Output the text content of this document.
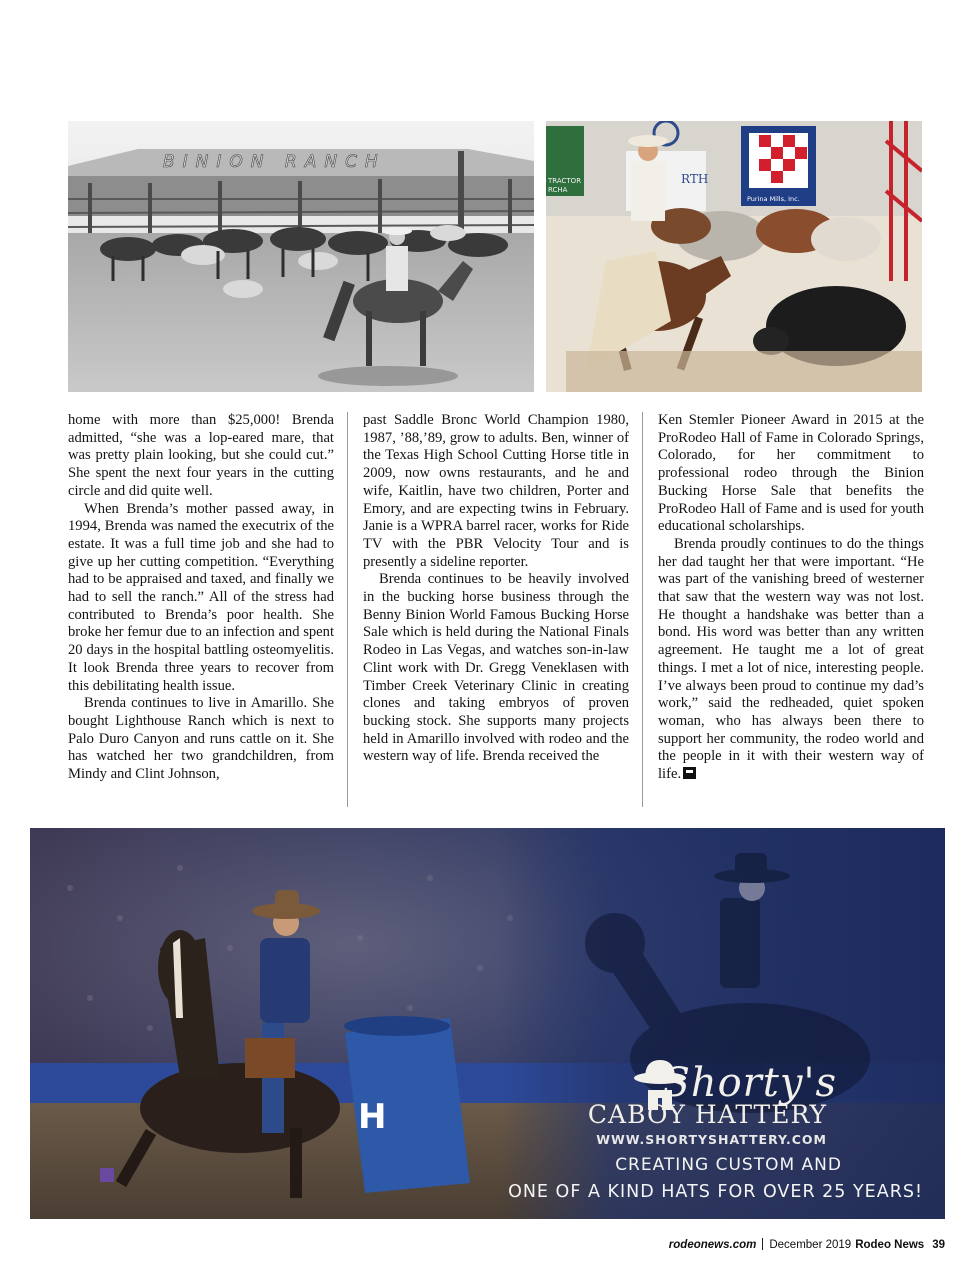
BINION RANCH
TRACTOR
RCHA
RTH
Purina Mills, Inc.

home with more than $25,000! Brenda admitted, “she was a lop-eared mare, that was pretty plain looking, but she could cut.” She spent the next four years in the cutting circle and did quite well.

When Brenda’s mother passed away, in 1994, Brenda was named the executrix of the estate. It was a full time job and she had to give up her cutting competition. “Everything had to be appraised and taxed, and finally we had to sell the ranch.” All of the stress had contributed to Brenda’s poor health. She broke her femur due to an infection and spent 20 days in the hospital battling osteomyelitis. It look Brenda three years to recover from this debilitating health issue.

Brenda continues to live in Amarillo. She bought Lighthouse Ranch which is next to Palo Duro Canyon and runs cattle on it. She has watched her two grandchildren, from Mindy and Clint Johnson,

past Saddle Bronc World Champion 1980, 1987, ’88,’89, grow to adults. Ben, winner of the Texas High School Cutting Horse title in 2009, now owns restaurants, and he and wife, Kaitlin, have two children, Porter and Emory, and are expecting twins in February. Janie is a WPRA barrel racer, works for Ride TV with the PBR Velocity Tour and is presently a sideline reporter.

Brenda continues to be heavily involved in the bucking horse business through the Benny Binion World Famous Bucking Horse Sale which is held during the National Finals Rodeo in Las Vegas, and watches son-in-law Clint work with Dr. Gregg Veneklasen with Timber Creek Veterinary Clinic in creating clones and taking embryos of proven bucking stock. She supports many projects held in Amarillo involved with rodeo and the western way of life. Brenda received the

Ken Stemler Pioneer Award in 2015 at the ProRodeo Hall of Fame in Colorado Springs, Colorado, for her commitment to professional rodeo through the Binion Bucking Horse Sale that benefits the ProRodeo Hall of Fame and is used for youth educational scholarships.

Brenda proudly continues to do the things her dad taught her that were important. “He was part of the vanishing breed of westerner that saw that the western way was not lost. He thought a handshake was better than a bond. His word was better than any written agreement. He taught me a lot of great things. I met a lot of nice, interesting people. I’ve always been proud to continue my dad’s work,” said the redheaded, quiet spoken woman, who has always been there to support her community, the rodeo world and the people in it with their western way of life.

H
Shorty's
CABOY HATTERY
WWW.SHORTYSHATTERY.COM
CREATING CUSTOM AND
ONE OF A KIND HATS FOR OVER 25 YEARS!
rodeonews.com December 2019 Rodeo News 39
